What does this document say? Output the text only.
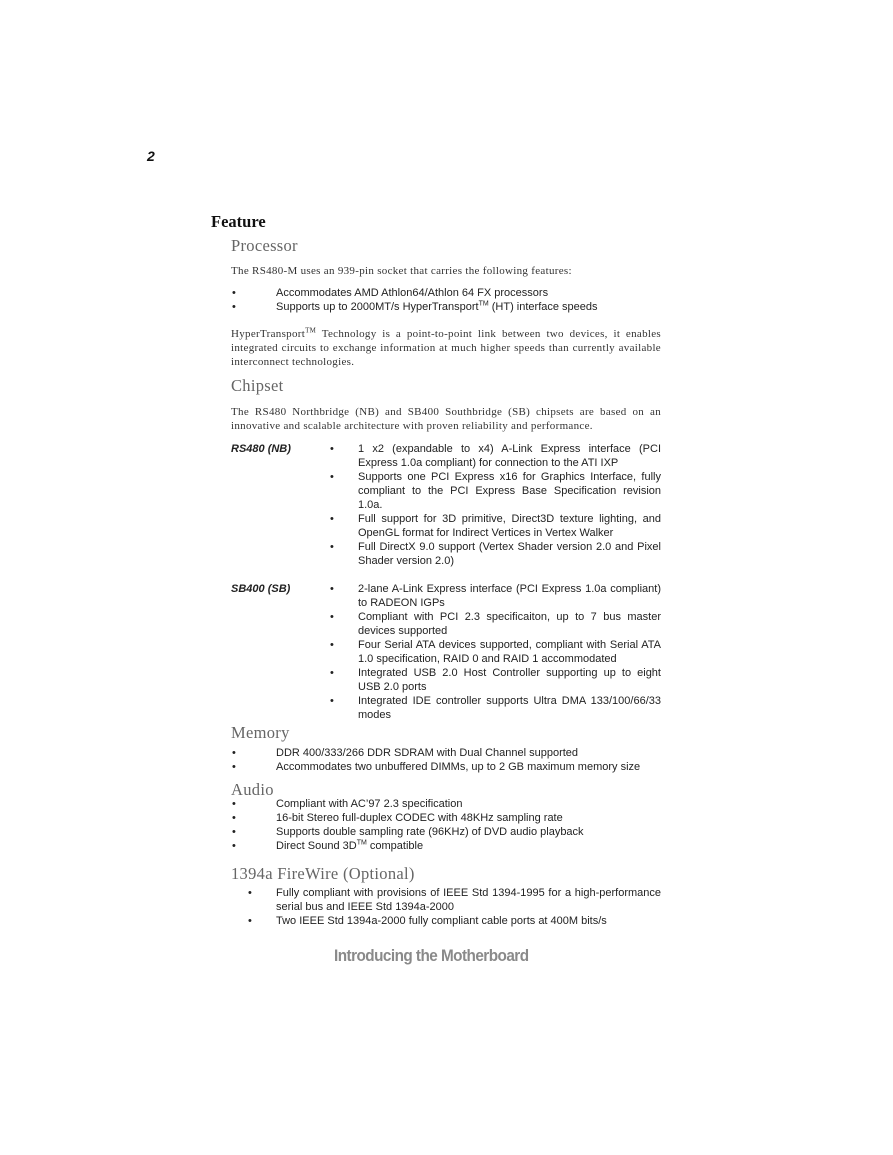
2
Feature
Processor
The RS480-M uses an 939-pin socket that carries the following features:
•	Accommodates AMD Athlon64/Athlon 64 FX processors
•	Supports up to 2000MT/s HyperTransport™ (HT) interface speeds
HyperTransport™ Technology is a point-to-point link between two devices, it enables integrated circuits to exchange information at much higher speeds than currently available interconnect technologies.
Chipset
The RS480 Northbridge (NB) and SB400 Southbridge (SB) chipsets are based on an innovative and scalable architecture with proven reliability and performance.
RS480 (NB)	• 1 x2 (expandable to x4) A-Link Express interface (PCI Express 1.0a compliant) for connection to the ATI IXP
• Supports one PCI Express x16 for Graphics Interface, fully compliant to the PCI Express Base Specification revision 1.0a.
• Full support for 3D primitive, Direct3D texture lighting, and OpenGL format for Indirect Vertices in Vertex Walker
• Full DirectX 9.0 support (Vertex Shader version 2.0 and Pixel Shader version 2.0)
SB400 (SB)	• 2-lane A-Link Express interface (PCI Express 1.0a compliant) to RADEON IGPs
• Compliant with PCI 2.3 specificaiton, up to 7 bus master devices supported
• Four Serial ATA devices supported, compliant with Serial ATA 1.0 specification, RAID 0 and RAID 1 accommodated
• Integrated USB 2.0 Host Controller supporting up to eight USB 2.0 ports
• Integrated IDE controller supports Ultra DMA 133/100/66/33 modes
Memory
•	DDR 400/333/266 DDR SDRAM with Dual Channel supported
•	Accommodates two unbuffered DIMMs, up to 2 GB maximum memory size
Audio
•	Compliant with AC’97 2.3 specification
•	16-bit Stereo full-duplex CODEC with 48KHz sampling rate
•	Supports double sampling rate (96KHz) of DVD audio playback
•	Direct Sound 3D™ compatible
1394a FireWire (Optional)
• Fully compliant with provisions of IEEE Std 1394-1995 for a high-performance serial bus and IEEE Std 1394a-2000
• Two IEEE Std 1394a-2000 fully compliant cable ports at 400M bits/s
Introducing the Motherboard
